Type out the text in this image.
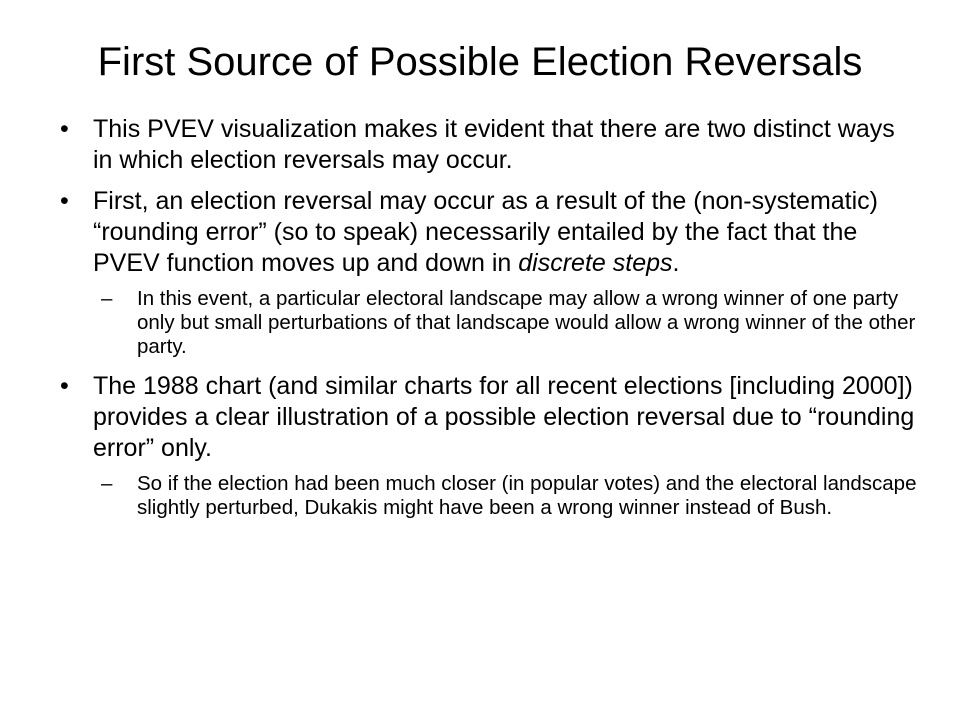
First Source of Possible Election Reversals
• This PVEV visualization makes it evident that there are two distinct ways in which election reversals may occur.
• First, an election reversal may occur as a result of the (non-systematic) “rounding error” (so to speak) necessarily entailed by the fact that the PVEV function moves up and down in discrete steps.
– In this event, a particular electoral landscape may allow a wrong winner of one party only but small perturbations of that landscape would allow a wrong winner of the other party.
• The 1988 chart (and similar charts for all recent elections [including 2000]) provides a clear illustration of a possible election reversal due to “rounding error” only.
– So if the election had been much closer (in popular votes) and the electoral landscape slightly perturbed, Dukakis might have been a wrong winner instead of Bush.
